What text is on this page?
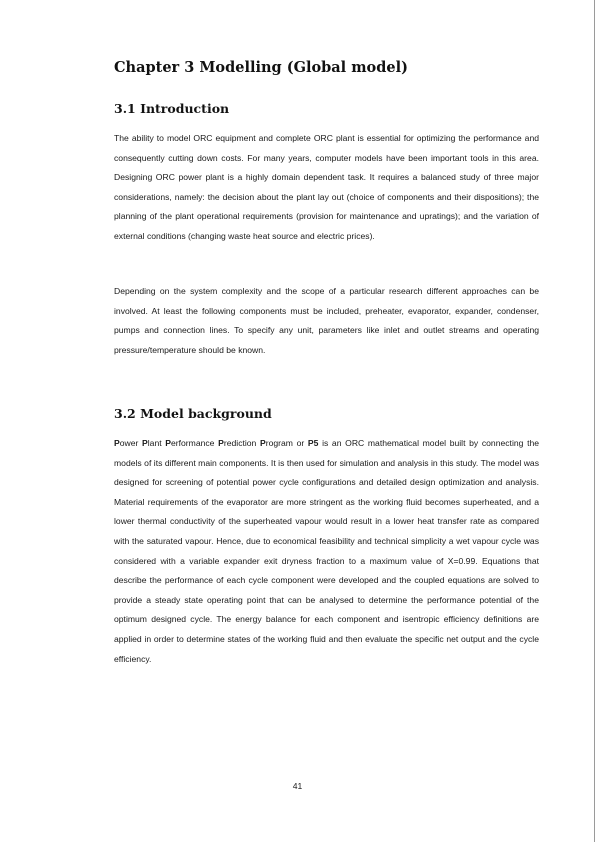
Chapter 3 Modelling (Global model)
3.1 Introduction

The ability to model ORC equipment and complete ORC plant is essential for optimizing the performance and consequently cutting down costs. For many years, computer models have been important tools in this area. Designing ORC power plant is a highly domain dependent task. It requires a balanced study of three major considerations, namely: the decision about the plant lay out (choice of components and their dispositions); the planning of the plant operational requirements (provision for maintenance and upratings); and the variation of external conditions (changing waste heat source and electric prices).

Depending on the system complexity and the scope of a particular research different approaches can be involved. At least the following components must be included, preheater, evaporator, expander, condenser, pumps and connection lines. To specify any unit, parameters like inlet and outlet streams and operating pressure/temperature should be known.

3.2 Model background

Power Plant Performance Prediction Program or P5 is an ORC mathematical model built by connecting the models of its different main components. It is then used for simulation and analysis in this study. The model was designed for screening of potential power cycle configurations and detailed design optimization and analysis. Material requirements of the evaporator are more stringent as the working fluid becomes superheated, and a lower thermal conductivity of the superheated vapour would result in a lower heat transfer rate as compared with the saturated vapour. Hence, due to economical feasibility and technical simplicity a wet vapour cycle was considered with a variable expander exit dryness fraction to a maximum value of X=0.99. Equations that describe the performance of each cycle component were developed and the coupled equations are solved to provide a steady state operating point that can be analysed to determine the performance potential of the optimum designed cycle. The energy balance for each component and isentropic efficiency definitions are applied in order to determine states of the working fluid and then evaluate the specific net output and the cycle efficiency.

41
